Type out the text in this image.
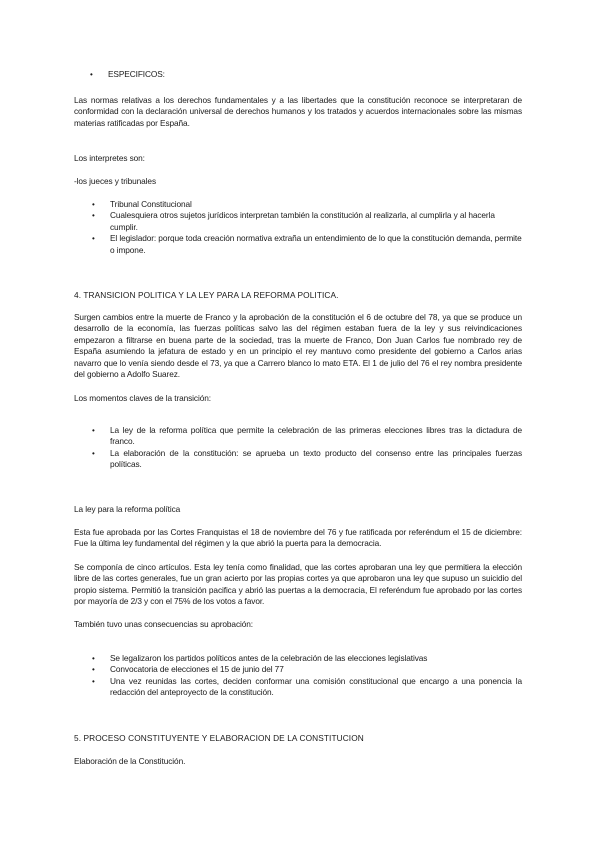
• ESPECIFICOS:

Las normas relativas a los derechos fundamentales y a las libertades que la constitución reconoce se interpretaran de conformidad con la declaración universal de derechos humanos y los tratados y acuerdos internacionales sobre las mismas materias ratificadas por España.

Los interpretes son:

-los jueces y tribunales

• Tribunal Constitucional
• Cualesquiera otros sujetos jurídicos interpretan también la constitución al realizarla, al cumplirla y al hacerla cumplir.
• El legislador: porque toda creación normativa extraña un entendimiento de lo que la constitución demanda, permite o impone.

4. TRANSICION POLITICA Y LA LEY PARA LA REFORMA POLITICA.

Surgen cambios entre la muerte de Franco y la aprobación de la constitución el 6 de octubre del 78, ya que se produce un desarrollo de la economía, las fuerzas políticas salvo las del régimen estaban fuera de la ley y sus reivindicaciones empezaron a filtrarse en buena parte de la sociedad, tras la muerte de Franco, Don Juan Carlos fue nombrado rey de España asumiendo la jefatura de estado y en un principio el rey mantuvo como presidente del gobierno a Carlos arias navarro que lo venía siendo desde el 73, ya que a Carrero blanco lo mato ETA. El 1 de julio del 76 el rey nombra presidente del gobierno a Adolfo Suarez.

Los momentos claves de la transición:

• La ley de la reforma política que permite la celebración de las primeras elecciones libres tras la dictadura de franco.
• La elaboración de la constitución: se aprueba un texto producto del consenso entre las principales fuerzas políticas.

La ley para la reforma política

Esta fue aprobada por las Cortes Franquistas el 18 de noviembre del 76 y fue ratificada por referéndum el 15 de diciembre: Fue la última ley fundamental del régimen y la que abrió la puerta para la democracia.

Se componía de cinco artículos. Esta ley tenía como finalidad, que las cortes aprobaran una ley que permitiera la elección libre de las cortes generales, fue un gran acierto por las propias cortes ya que aprobaron una ley que supuso un suicidio del propio sistema. Permitió la transición pacifica y abrió las puertas a la democracia, El referéndum fue aprobado por las cortes por mayoría de 2/3 y con el 75% de los votos a favor.

También tuvo unas consecuencias su aprobación:

• Se legalizaron los partidos políticos antes de la celebración de las elecciones legislativas
• Convocatoria de elecciones el 15 de junio del 77
• Una vez reunidas las cortes, deciden conformar una comisión constitucional que encargo a una ponencia la redacción del anteproyecto de la constitución.

5. PROCESO CONSTITUYENTE Y ELABORACION DE LA CONSTITUCION

Elaboración de la Constitución.
